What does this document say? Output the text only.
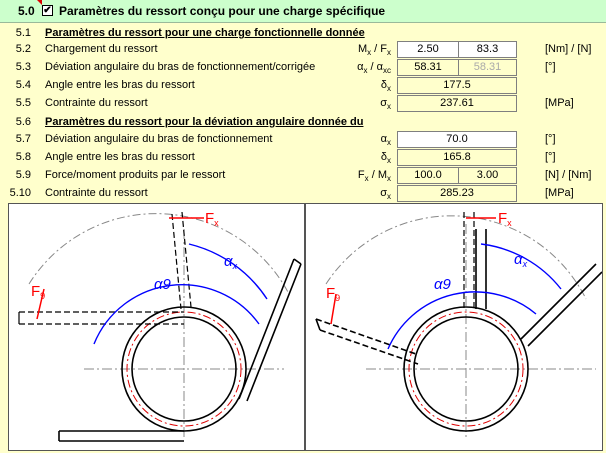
5.0 ✔ Paramètres du ressort conçu pour une charge spécifique
5.1 Paramètres du ressort pour une charge fonctionnelle donnée
5.2 Chargement du ressort	$M_x / F_x$	2.50	83.3	[Nm] / [N]
5.3 Déviation angulaire du bras de fonctionnement/corrigée	$\alpha_x / \alpha_{xc}$	58.31	58.31	[°]
5.4 Angle entre les bras du ressort	$\delta_x$	177.5
5.5 Contrainte du ressort	$\sigma_x$	237.61	[MPa]
5.6 Paramètres du ressort pour la déviation angulaire donnée du
5.7 Déviation angulaire du bras de fonctionnement	$\alpha_x$	70.0	[°]
5.8 Angle entre les bras du ressort	$\delta_x$	165.8	[°]
5.9 Force/moment produits par le ressort	$F_x / M_x$	100.0	3.00	[N] / [Nm]
5.10 Contrainte du ressort	$\sigma_x$	285.23	[MPa]
$F_x$
$F_9$
$\alpha_x$
α9
$F_x$
$F_9$
$\alpha_x$
α9
